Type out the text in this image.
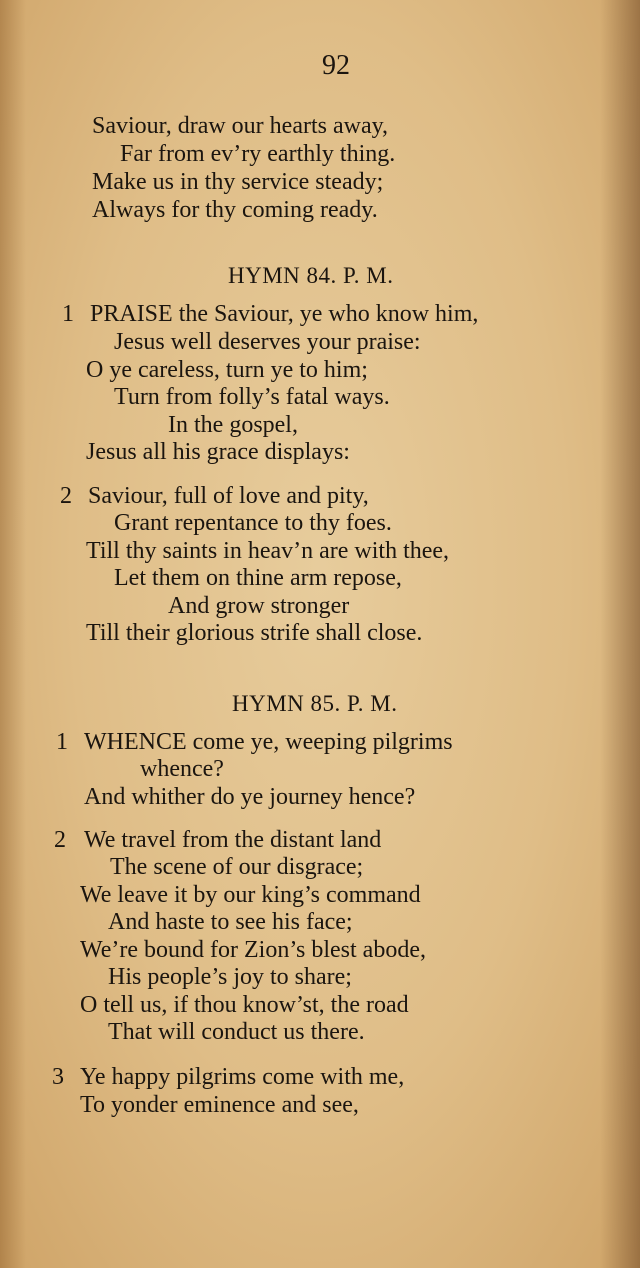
92
Saviour, draw our hearts away,
Far from ev’ry earthly thing.
Make us in thy service steady;
Always for thy coming ready.
HYMN 84. P. M.
1 PRAISE the Saviour, ye who know him,
Jesus well deserves your praise:
O ye careless, turn ye to him;
Turn from folly’s fatal ways.
In the gospel,
Jesus all his grace displays:
2 Saviour, full of love and pity,
Grant repentance to thy foes.
Till thy saints in heav’n are with thee,
Let them on thine arm repose,
And grow stronger
Till their glorious strife shall close.
HYMN 85. P. M.
1 WHENCE come ye, weeping pilgrims
whence?
And whither do ye journey hence?
2 We travel from the distant land
The scene of our disgrace;
We leave it by our king’s command
And haste to see his face;
We’re bound for Zion’s blest abode,
His people’s joy to share;
O tell us, if thou know’st, the road
That will conduct us there.
3 Ye happy pilgrims come with me,
To yonder eminence and see,
